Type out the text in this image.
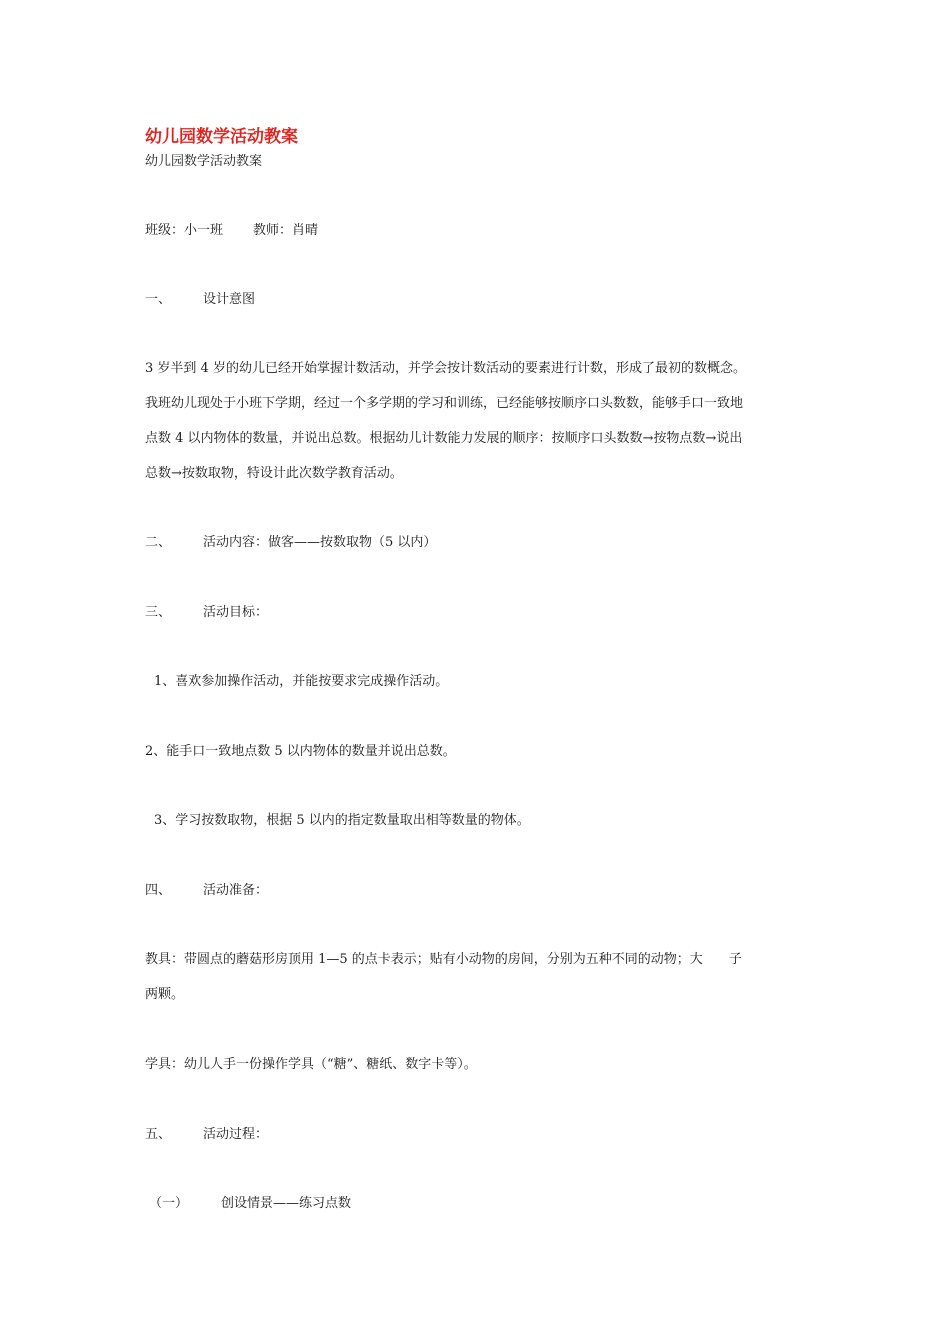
幼儿园数学活动教案
幼儿园数学活动教案
班级：小一班 教师：肖晴
一、 设计意图
3 岁半到 4 岁的幼儿已经开始掌握计数活动，并学会按计数活动的要素进行计数，形成了最初的数概念。
我班幼儿现处于小班下学期，经过一个多学期的学习和训练，已经能够按顺序口头数数，能够手口一致地
点数 4 以内物体的数量，并说出总数。根据幼儿计数能力发展的顺序：按顺序口头数数→按物点数→说出
总数→按数取物，特设计此次数学教育活动。
二、 活动内容：做客——按数取物（5 以内）
三、 活动目标：
1、喜欢参加操作活动，并能按要求完成操作活动。
2、能手口一致地点数 5 以内物体的数量并说出总数。
3、学习按数取物，根据 5 以内的指定数量取出相等数量的物体。
四、 活动准备：
教具：带圆点的蘑菇形房顶用 1—5 的点卡表示；贴有小动物的房间，分别为五种不同的动物；大 子
两颗。
学具：幼儿人手一份操作学具（“糖”、糖纸、数字卡等）。
五、 活动过程：
（一）	创设情景——练习点数
